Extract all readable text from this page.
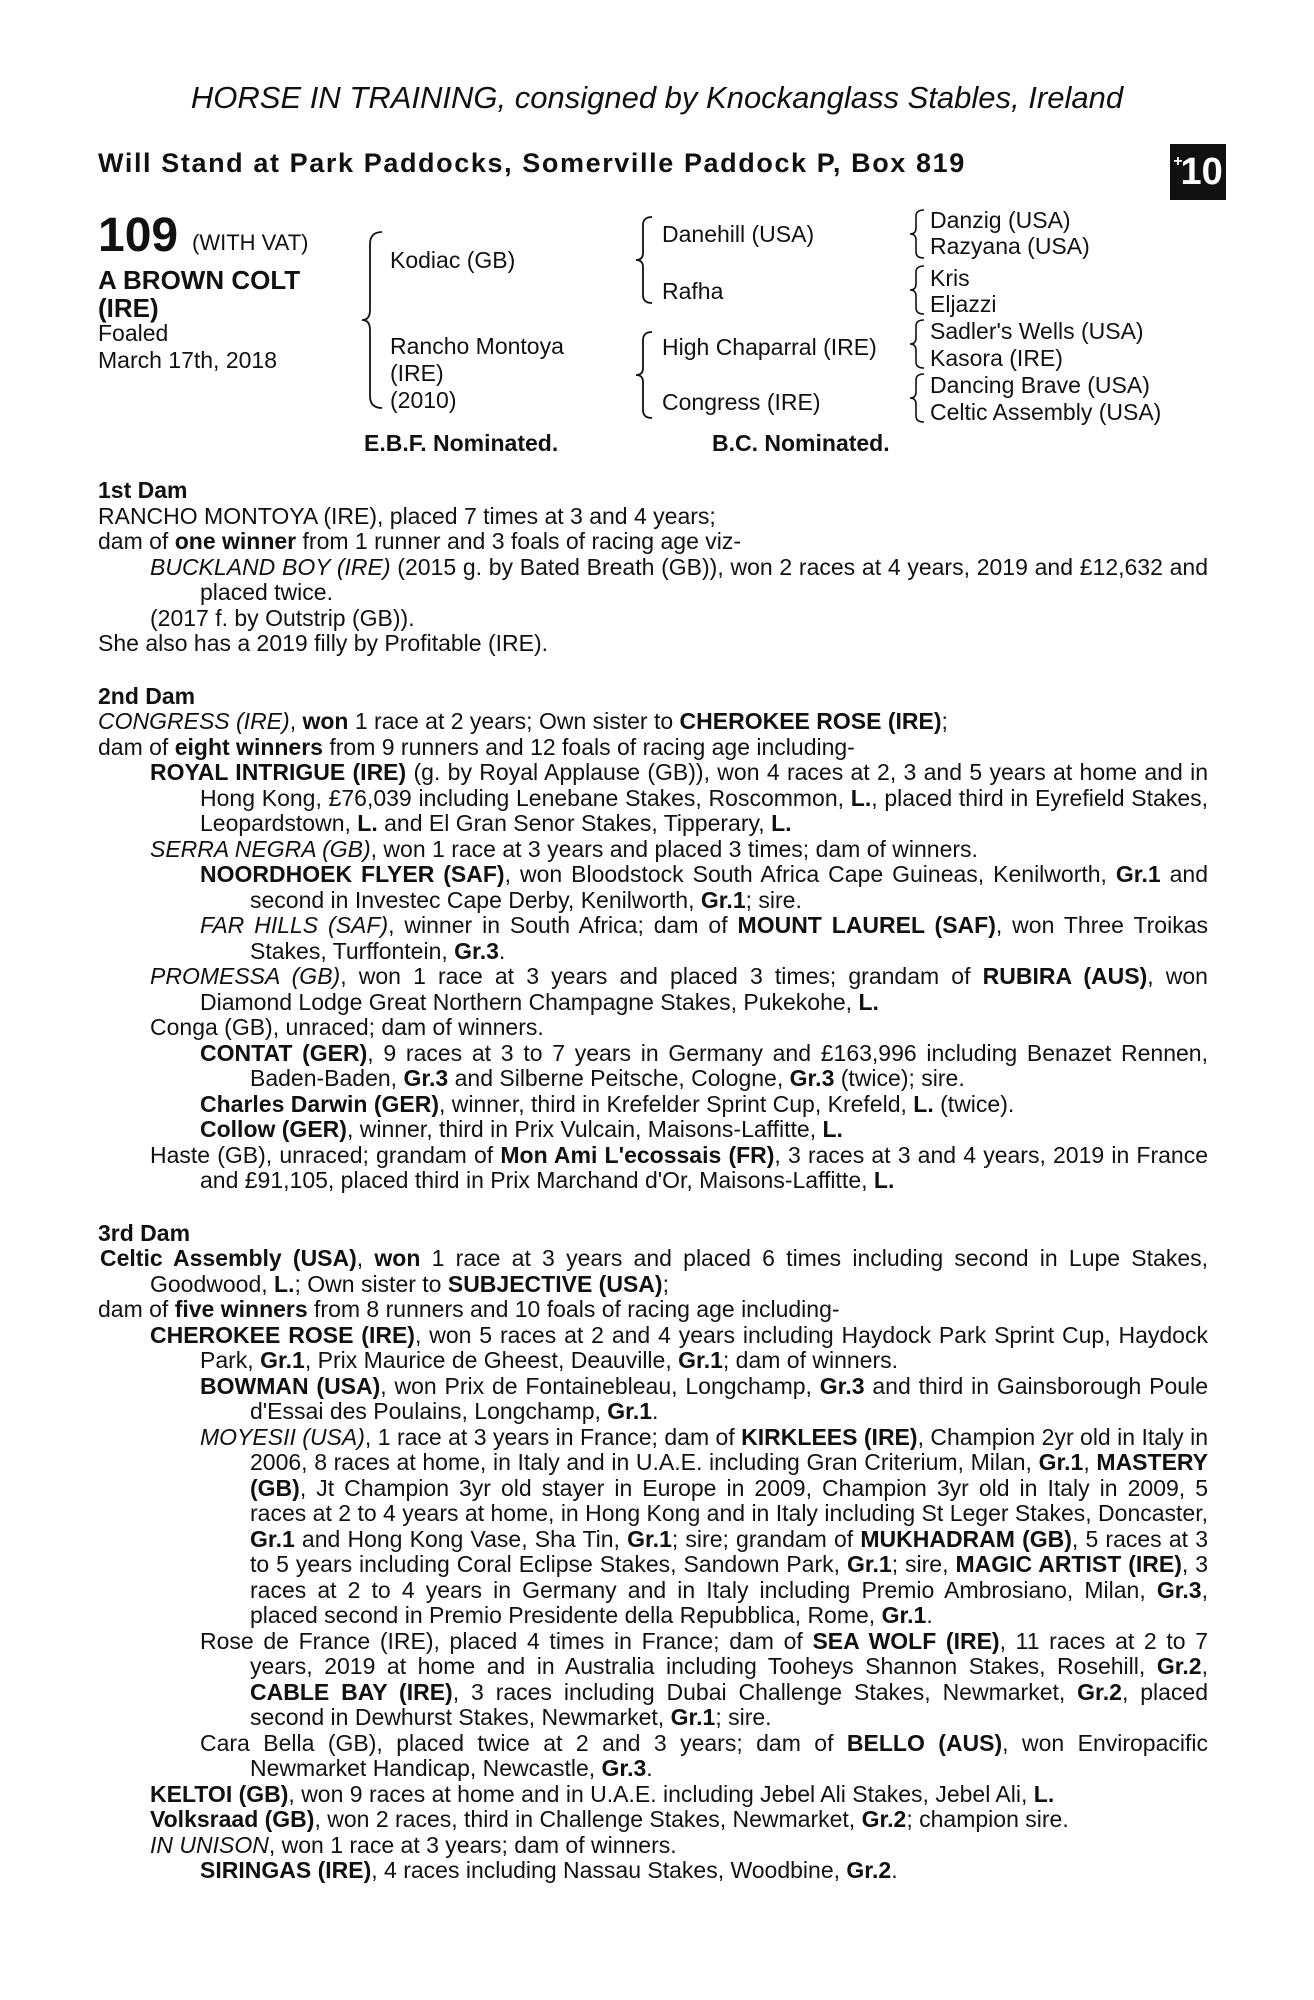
HORSE IN TRAINING, consigned by Knockanglass Stables, Ireland
Will Stand at Park Paddocks, Somerville Paddock P, Box 819	+
10
109 (WITH VAT)
A BROWN COLT
(IRE)
Foaled
March 17th, 2018
Kodiac (GB)
Rancho Montoya
(IRE)
(2010)
Danehill (USA)
Rafha
High Chaparral (IRE)
Congress (IRE)
Danzig (USA)
Razyana (USA)
Kris
Eljazzi
Sadler's Wells (USA)
Kasora (IRE)
Dancing Brave (USA)
Celtic Assembly (USA)
E.B.F. Nominated.	B.C. Nominated.

1st Dam

RANCHO MONTOYA (IRE), placed 7 times at 3 and 4 years;

dam of one winner from 1 runner and 3 foals of racing age viz-

BUCKLAND BOY (IRE) (2015 g. by Bated Breath (GB)), won 2 races at 4 years, 2019 and £12,632 and placed twice.

(2017 f. by Outstrip (GB)).

She also has a 2019 filly by Profitable (IRE).

2nd Dam

CONGRESS (IRE), won 1 race at 2 years; Own sister to CHEROKEE ROSE (IRE);

dam of eight winners from 9 runners and 12 foals of racing age including-

ROYAL INTRIGUE (IRE) (g. by Royal Applause (GB)), won 4 races at 2, 3 and 5 years at home and in Hong Kong, £76,039 including Lenebane Stakes, Roscommon, L., placed third in Eyrefield Stakes, Leopardstown, L. and El Gran Senor Stakes, Tipperary, L.

SERRA NEGRA (GB), won 1 race at 3 years and placed 3 times; dam of winners.

NOORDHOEK FLYER (SAF), won Bloodstock South Africa Cape Guineas, Kenilworth, Gr.1 and second in Investec Cape Derby, Kenilworth, Gr.1; sire.

FAR HILLS (SAF), winner in South Africa; dam of MOUNT LAUREL (SAF), won Three Troikas Stakes, Turffontein, Gr.3.

PROMESSA (GB), won 1 race at 3 years and placed 3 times; grandam of RUBIRA (AUS), won Diamond Lodge Great Northern Champagne Stakes, Pukekohe, L.

Conga (GB), unraced; dam of winners.

CONTAT (GER), 9 races at 3 to 7 years in Germany and £163,996 including Benazet Rennen, Baden-Baden, Gr.3 and Silberne Peitsche, Cologne, Gr.3 (twice); sire.

Charles Darwin (GER), winner, third in Krefelder Sprint Cup, Krefeld, L. (twice).

Collow (GER), winner, third in Prix Vulcain, Maisons-Laffitte, L.

Haste (GB), unraced; grandam of Mon Ami L'ecossais (FR), 3 races at 3 and 4 years, 2019 in France and £91,105, placed third in Prix Marchand d'Or, Maisons-Laffitte, L.

3rd Dam

Celtic Assembly (USA), won 1 race at 3 years and placed 6 times including second in Lupe Stakes, Goodwood, L.; Own sister to SUBJECTIVE (USA);

dam of five winners from 8 runners and 10 foals of racing age including-

CHEROKEE ROSE (IRE), won 5 races at 2 and 4 years including Haydock Park Sprint Cup, Haydock Park, Gr.1, Prix Maurice de Gheest, Deauville, Gr.1; dam of winners.

BOWMAN (USA), won Prix de Fontainebleau, Longchamp, Gr.3 and third in Gainsborough Poule d'Essai des Poulains, Longchamp, Gr.1.

MOYESII (USA), 1 race at 3 years in France; dam of KIRKLEES (IRE), Champion 2yr old in Italy in 2006, 8 races at home, in Italy and in U.A.E. including Gran Criterium, Milan, Gr.1, MASTERY (GB), Jt Champion 3yr old stayer in Europe in 2009, Champion 3yr old in Italy in 2009, 5 races at 2 to 4 years at home, in Hong Kong and in Italy including St Leger Stakes, Doncaster, Gr.1 and Hong Kong Vase, Sha Tin, Gr.1; sire; grandam of MUKHADRAM (GB), 5 races at 3 to 5 years including Coral Eclipse Stakes, Sandown Park, Gr.1; sire, MAGIC ARTIST (IRE), 3 races at 2 to 4 years in Germany and in Italy including Premio Ambrosiano, Milan, Gr.3, placed second in Premio Presidente della Repubblica, Rome, Gr.1.

Rose de France (IRE), placed 4 times in France; dam of SEA WOLF (IRE), 11 races at 2 to 7 years, 2019 at home and in Australia including Tooheys Shannon Stakes, Rosehill, Gr.2, CABLE BAY (IRE), 3 races including Dubai Challenge Stakes, Newmarket, Gr.2, placed second in Dewhurst Stakes, Newmarket, Gr.1; sire.

Cara Bella (GB), placed twice at 2 and 3 years; dam of BELLO (AUS), won Enviropacific Newmarket Handicap, Newcastle, Gr.3.

KELTOI (GB), won 9 races at home and in U.A.E. including Jebel Ali Stakes, Jebel Ali, L.

Volksraad (GB), won 2 races, third in Challenge Stakes, Newmarket, Gr.2; champion sire.

IN UNISON, won 1 race at 3 years; dam of winners.

SIRINGAS (IRE), 4 races including Nassau Stakes, Woodbine, Gr.2.
